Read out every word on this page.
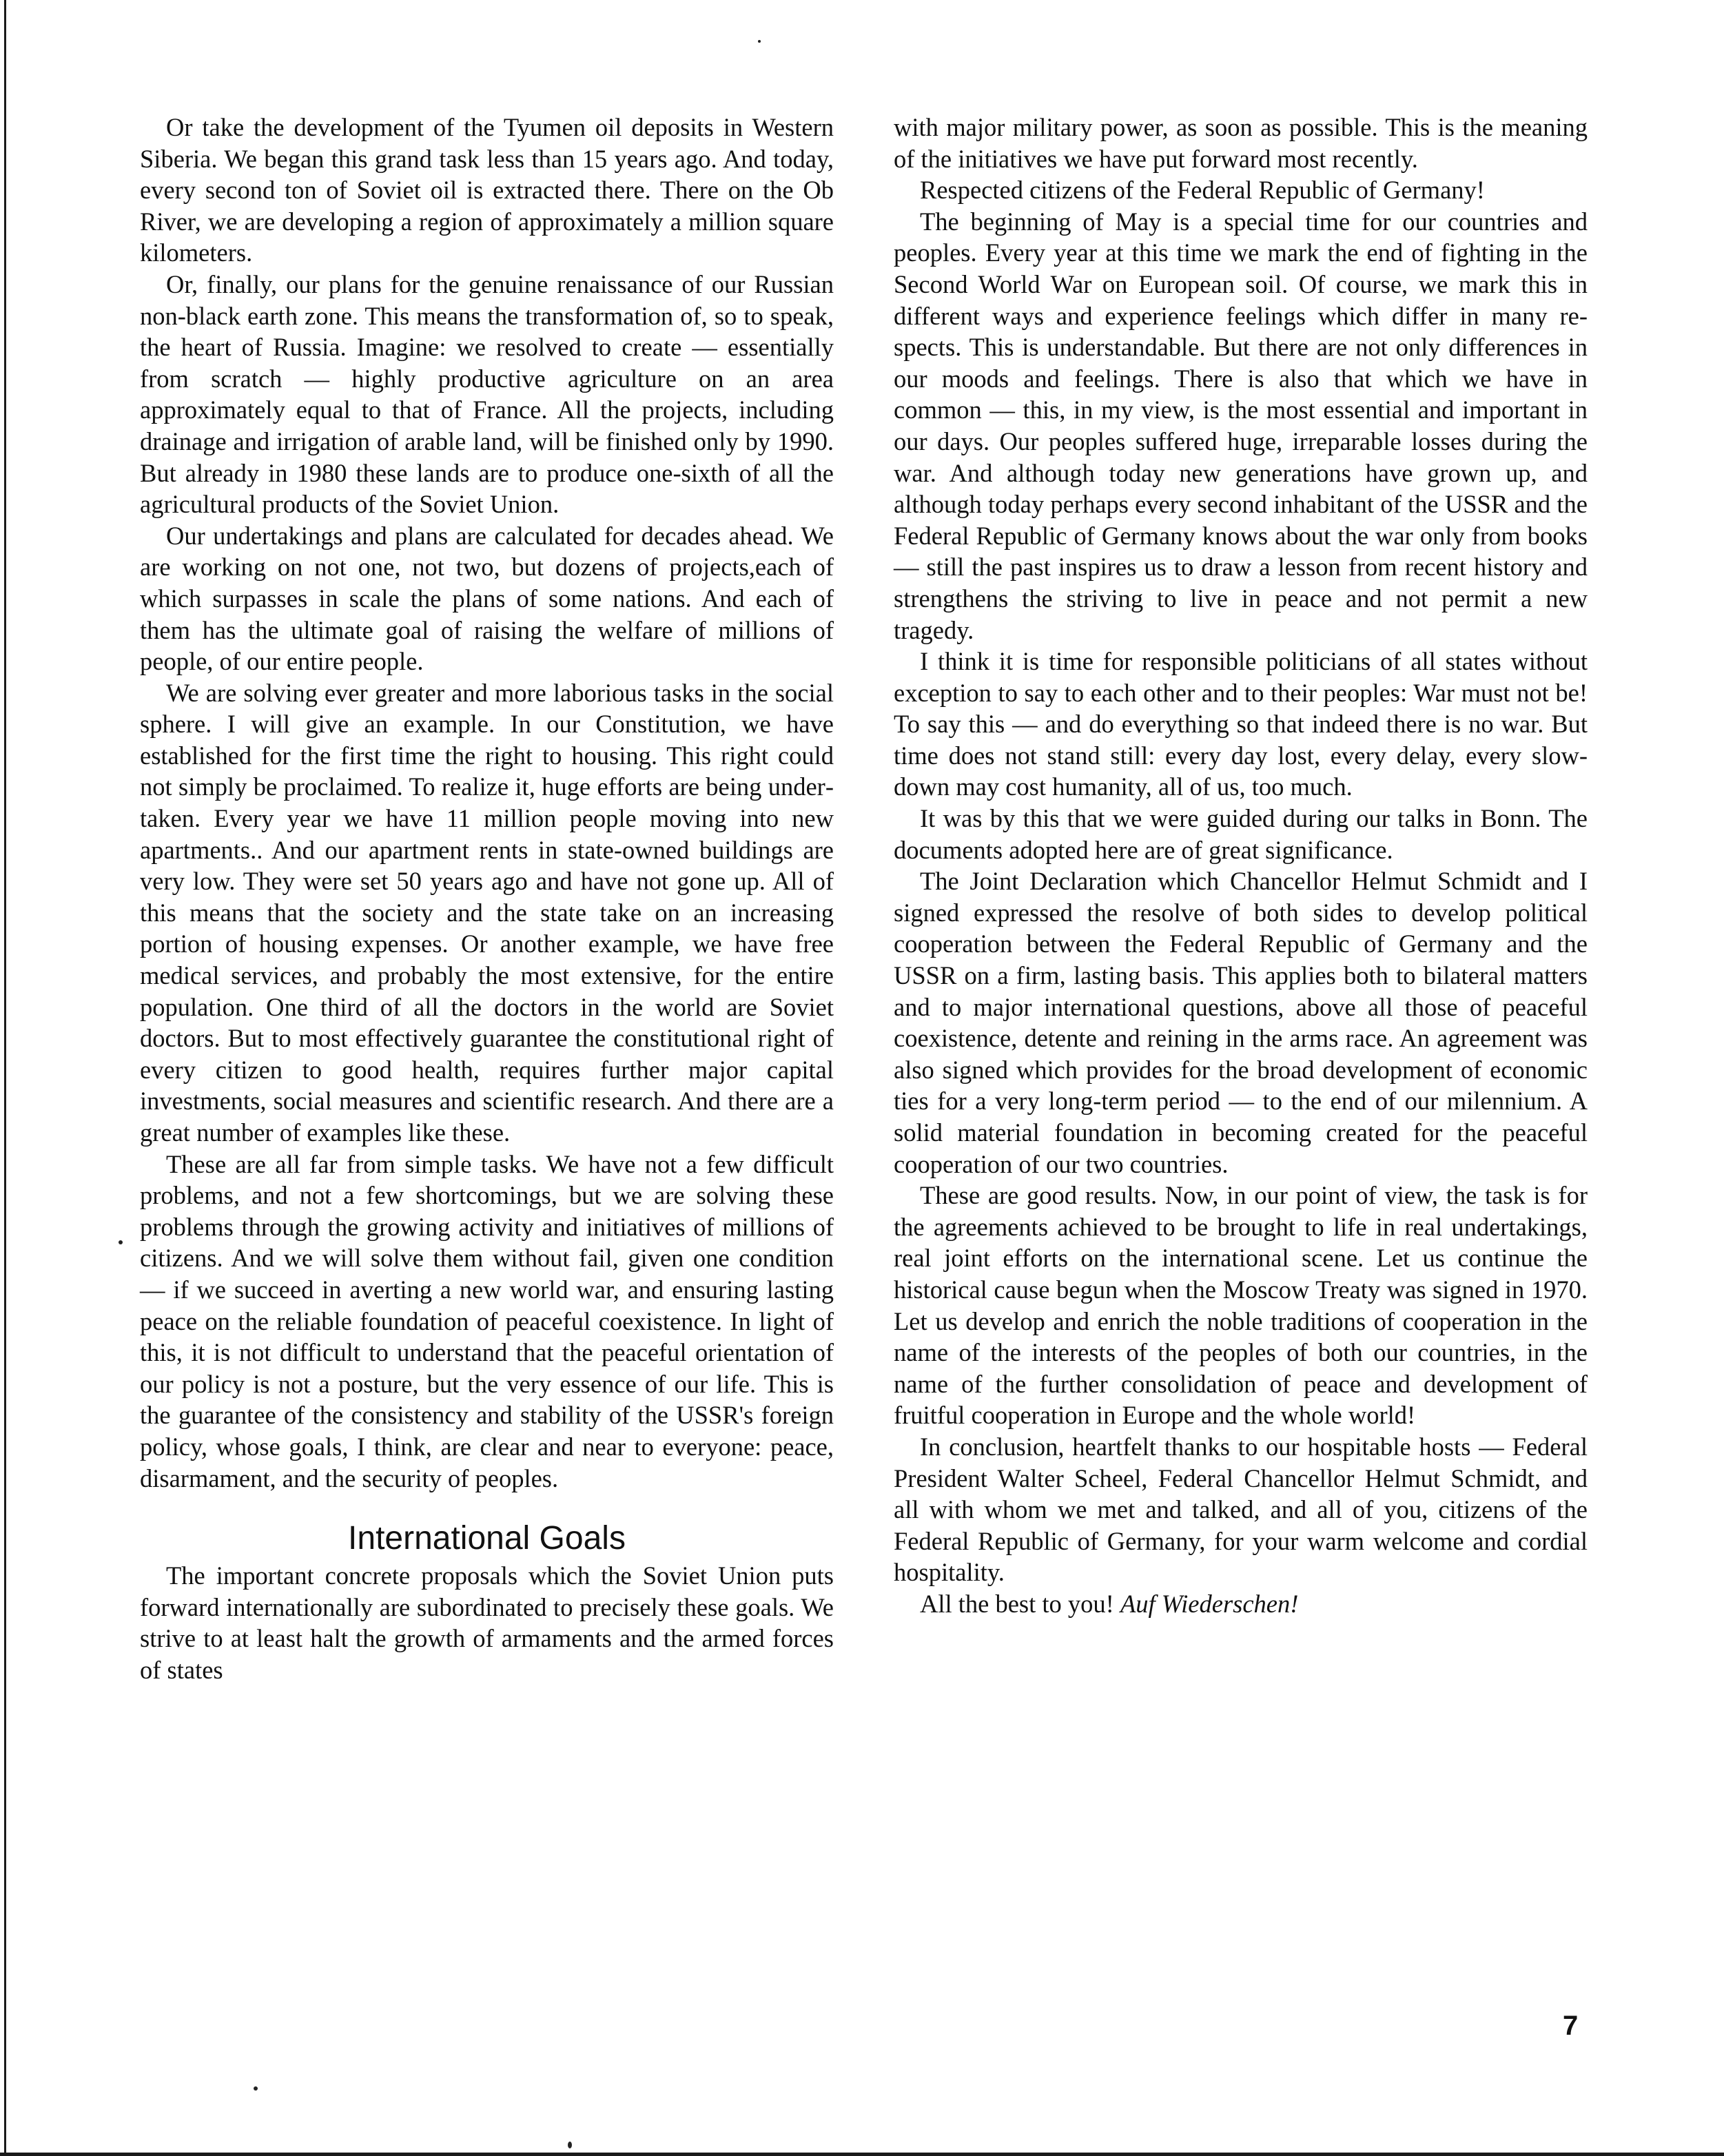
Or take the development of the Tyumen oil deposits in Western Siberia. We began this grand task less than 15 years ago. And today, every second ton of Soviet oil is extracted there. There on the Ob River, we are developing a region of approximately a million square kilometers.

Or, finally, our plans for the genuine renaissance of our Russian non-black earth zone. This means the transformation of, so to speak, the heart of Russia. Imagine: we resolved to create — essentially from scratch — highly productive agriculture on an area approximately equal to that of France. All the projects, including drainage and irrigation of arable land, will be finished only by 1990. But already in 1980 these lands are to produce one-sixth of all the agricultural products of the Soviet Union.

Our undertakings and plans are calculated for decades ahead. We are working on not one, not two, but dozens of projects,each of which surpasses in scale the plans of some nations. And each of them has the ultimate goal of raising the welfare of millions of people, of our entire people.

We are solving ever greater and more laborious tasks in the social sphere. I will give an example. In our Constitution, we have established for the first time the right to housing. This right could not simply be proclaimed. To realize it, huge efforts are being undertaken. Every year we have 11 million people moving into new apartments.. And our apartment rents in state-owned buildings are very low. They were set 50 years ago and have not gone up. All of this means that the society and the state take on an increasing portion of housing expenses. Or another example, we have free medical services, and probably the most extensive, for the entire population. One third of all the doctors in the world are Soviet doctors. But to most effectively guarantee the constitutional right of every citizen to good health, requires further major capital investments, social measures and scientific research. And there are a great number of examples like these.

These are all far from simple tasks. We have not a few difficult problems, and not a few shortcomings, but we are solving these problems through the growing activity and initiatives of millions of citizens. And we will solve them without fail, given one condition — if we succeed in averting a new world war, and ensuring lasting peace on the reliable foundation of peaceful coexistence. In light of this, it is not difficult to understand that the peaceful orientation of our policy is not a posture, but the very essence of our life. This is the guarantee of the consistency and stability of the USSR's foreign policy, whose goals, I think, are clear and near to everyone: peace, disarmament, and the security of peoples.

International Goals

The important concrete proposals which the Soviet Union puts forward internationally are subordinated to precisely these goals. We strive to at least halt the growth of armaments and the armed forces of states

with major military power, as soon as possible. This is the meaning of the initiatives we have put forward most recently.

Respected citizens of the Federal Republic of Germany!

The beginning of May is a special time for our countries and peoples. Every year at this time we mark the end of fighting in the Second World War on European soil. Of course, we mark this in different ways and experience feelings which differ in many respects. This is understandable. But there are not only differences in our moods and feelings. There is also that which we have in common — this, in my view, is the most essential and important in our days. Our peoples suffered huge, irreparable losses during the war. And although today new generations have grown up, and although today perhaps every second inhabitant of the USSR and the Federal Republic of Germany knows about the war only from books — still the past inspires us to draw a lesson from recent history and strengthens the striving to live in peace and not permit a new tragedy.

I think it is time for responsible politicians of all states without exception to say to each other and to their peoples: War must not be! To say this — and do everything so that indeed there is no war. But time does not stand still: every day lost, every delay, every slow-down may cost humanity, all of us, too much.

It was by this that we were guided during our talks in Bonn. The documents adopted here are of great significance.

The Joint Declaration which Chancellor Helmut Schmidt and I signed expressed the resolve of both sides to develop political cooperation between the Federal Republic of Germany and the USSR on a firm, lasting basis. This applies both to bilateral matters and to major international questions, above all those of peaceful coexistence, detente and reining in the arms race. An agreement was also signed which provides for the broad development of economic ties for a very long-term period — to the end of our milennium. A solid material foundation in becoming created for the peaceful cooperation of our two countries.

These are good results. Now, in our point of view, the task is for the agreements achieved to be brought to life in real undertakings, real joint efforts on the international scene. Let us continue the historical cause begun when the Moscow Treaty was signed in 1970. Let us develop and enrich the noble traditions of cooperation in the name of the interests of the peoples of both our countries, in the name of the further consolidation of peace and development of fruitful cooperation in Europe and the whole world!

In conclusion, heartfelt thanks to our hospitable hosts — Federal President Walter Scheel, Federal Chancellor Helmut Schmidt, and all with whom we met and talked, and all of you, citizens of the Federal Republic of Germany, for your warm welcome and cordial hospitality.

All the best to you! Auf Wiederschen!

7
